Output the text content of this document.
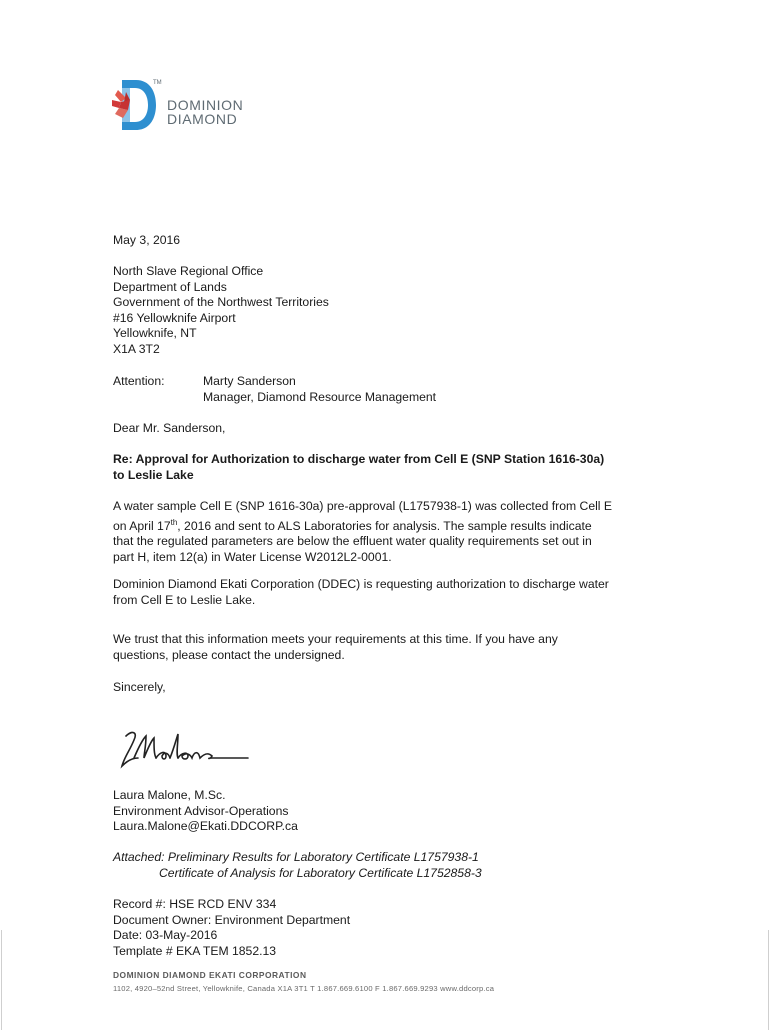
TM
DOMINION
DIAMOND
May 3, 2016
North Slave Regional Office
Department of Lands
Government of the Northwest Territories
#16 Yellowknife Airport
Yellowknife, NT
X1A 3T2
Attention:	Marty Sanderson
Manager, Diamond Resource Management
Dear Mr. Sanderson,
Re: Approval for Authorization to discharge water from Cell E (SNP Station 1616-30a)
to Leslie Lake
A water sample Cell E (SNP 1616-30a) pre-approval (L1757938-1) was collected from Cell E
on April 17th, 2016 and sent to ALS Laboratories for analysis. The sample results indicate
that the regulated parameters are below the effluent water quality requirements set out in
part H, item 12(a) in Water License W2012L2-0001.
Dominion Diamond Ekati Corporation (DDEC) is requesting authorization to discharge water
from Cell E to Leslie Lake.
We trust that this information meets your requirements at this time. If you have any
questions, please contact the undersigned.
Sincerely,
Laura Malone, M.Sc.
Environment Advisor-Operations
Laura.Malone@Ekati.DDCORP.ca
Attached: Preliminary Results for Laboratory Certificate L1757938-1
Certificate of Analysis for Laboratory Certificate L1752858-3
Record #: HSE RCD ENV 334
Document Owner: Environment Department
Date: 03-May-2016
Template # EKA TEM 1852.13
DOMINION DIAMOND EKATI CORPORATION
1102, 4920–52nd Street, Yellowknife, Canada X1A 3T1 T 1.867.669.6100 F 1.867.669.9293 www.ddcorp.ca
